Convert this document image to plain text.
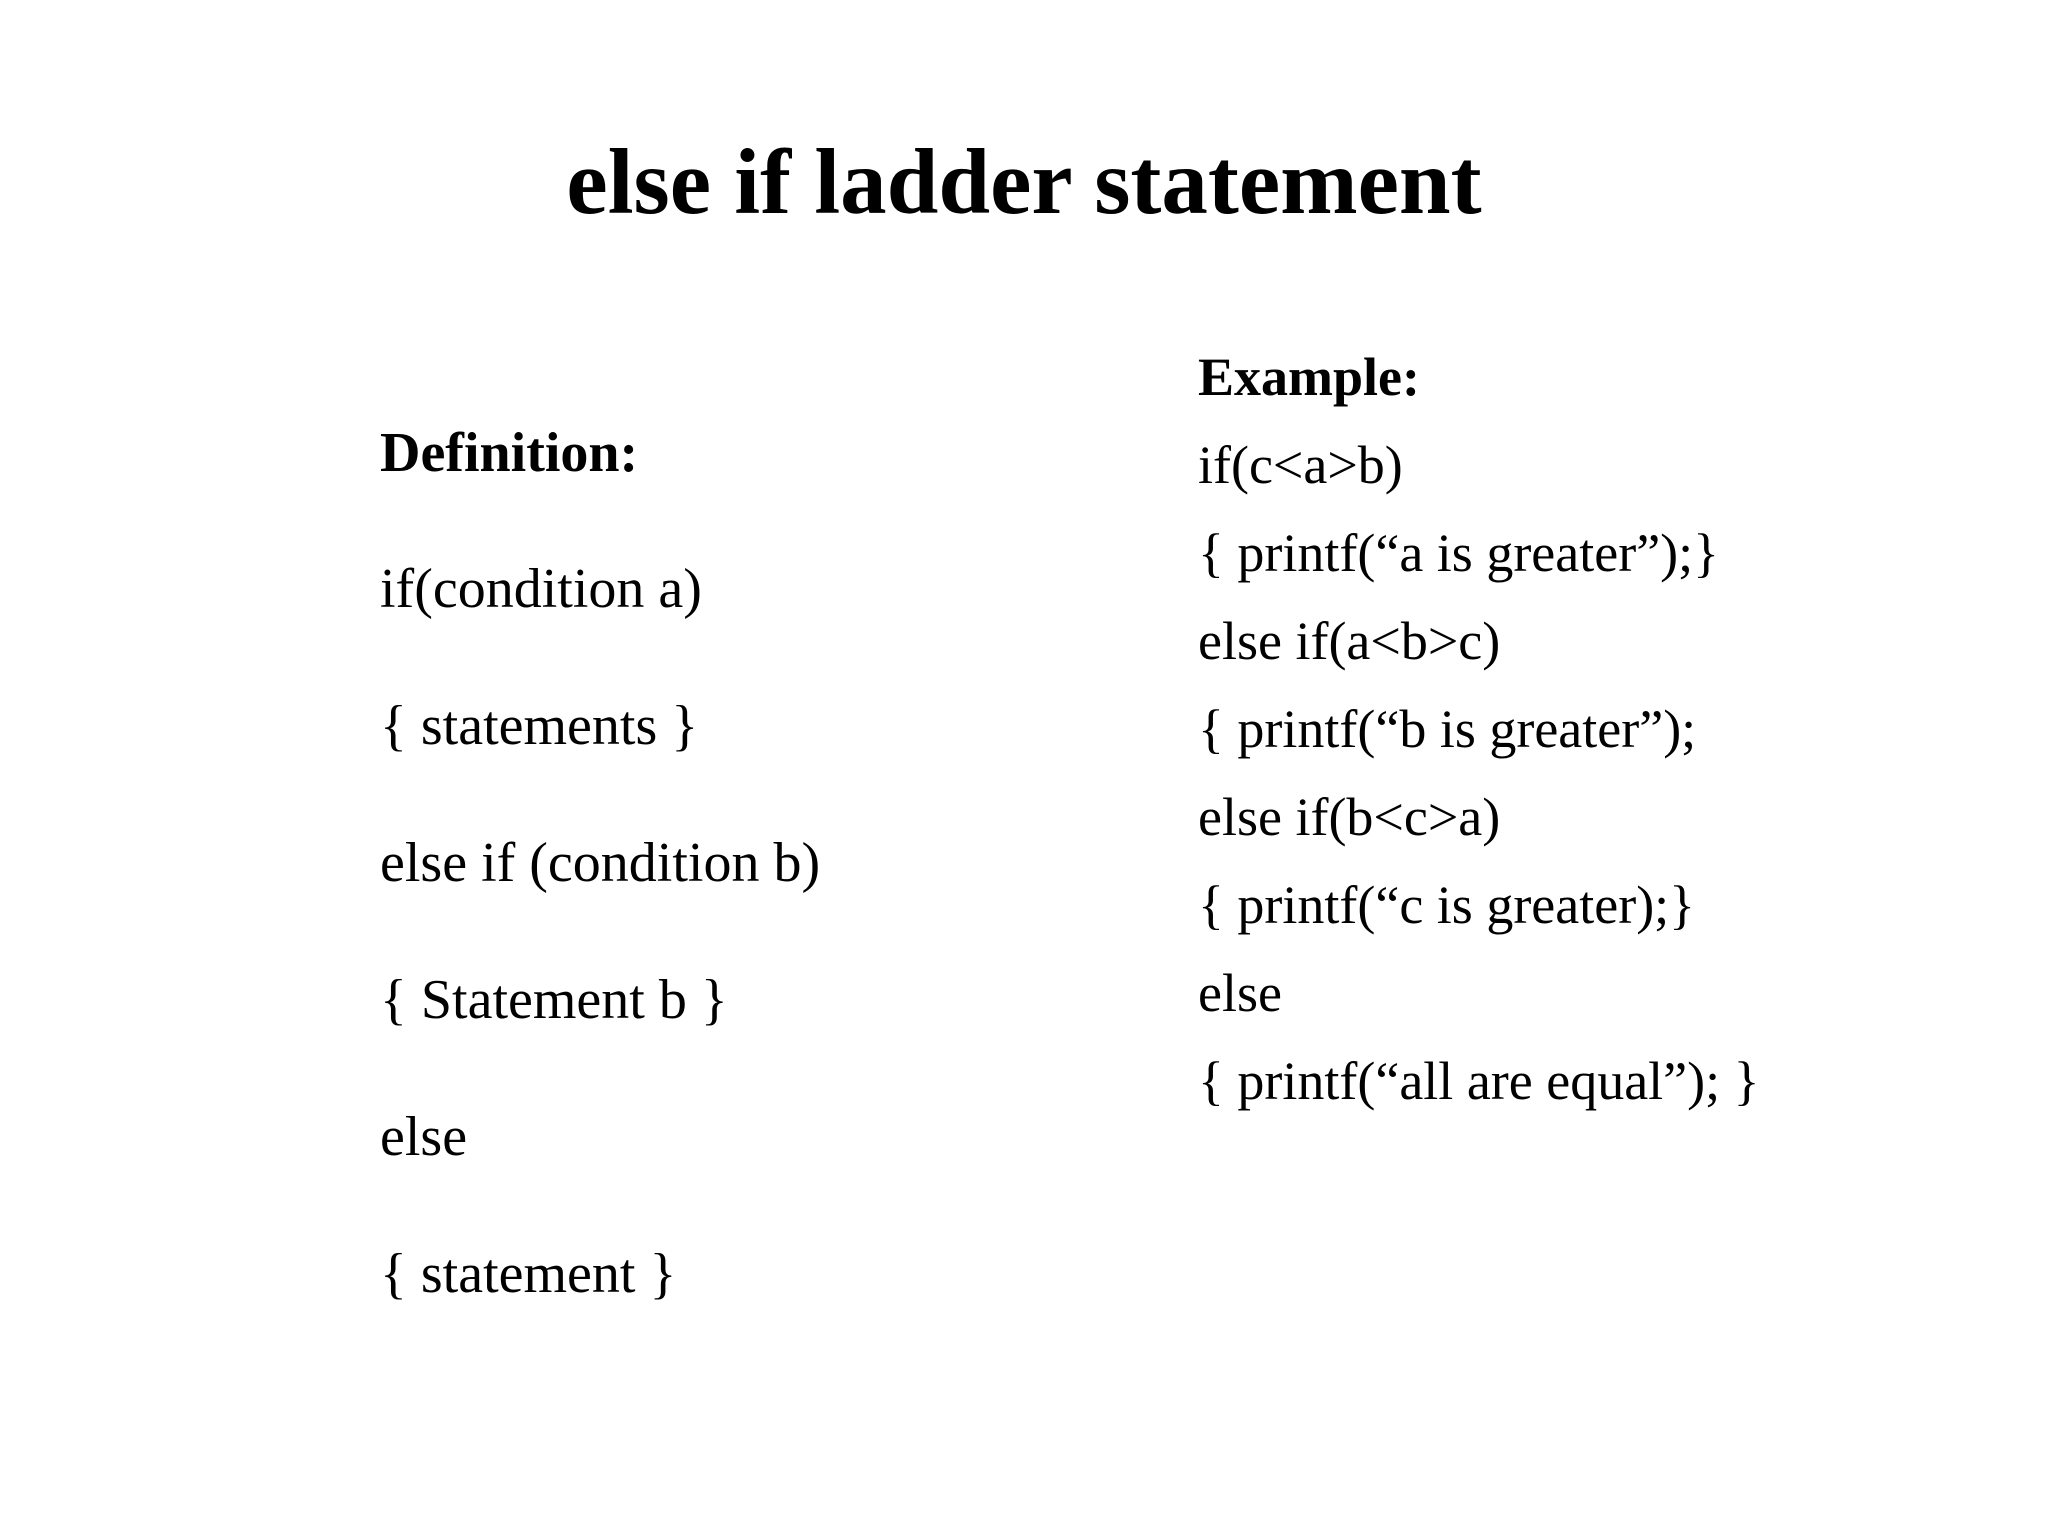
else if ladder statement
Definition:
if(condition a)
{ statements }
else if (condition b)
{ Statement b }
else
{ statement }
Example:
if(c<a>b)
{ printf(“a is greater”);}
else if(a<b>c)
{ printf(“b is greater”);
else if(b<c>a)
{ printf(“c is greater);}
else
{ printf(“all are equal”); }
